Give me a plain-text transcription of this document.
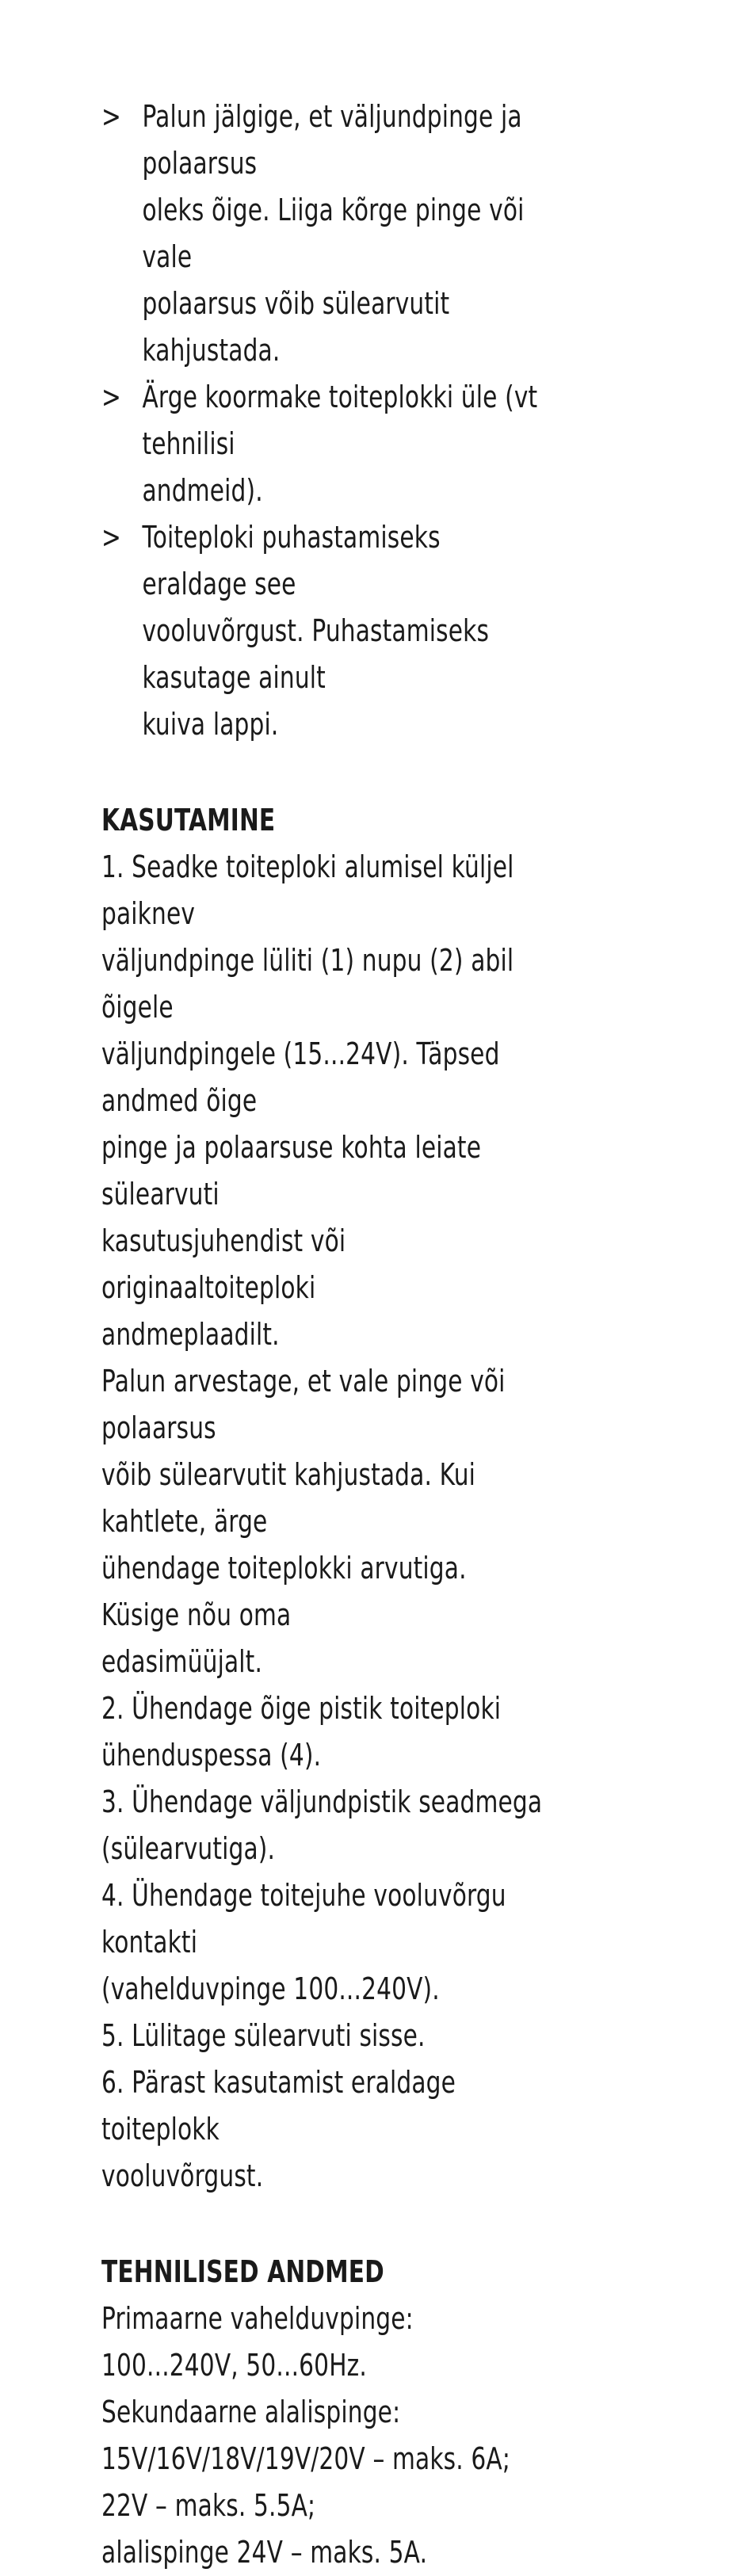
> Palun jälgige, et väljundpinge ja polaarsus
oleks õige. Liiga kõrge pinge või vale
polaarsus võib sülearvutit kahjustada.
> Ärge koormake toiteplokki üle (vt tehnilisi
andmeid).
> Toiteploki puhastamiseks eraldage see
vooluvõrgust. Puhastamiseks kasutage ainult
kuiva lappi.
KASUTAMINE

1. Seadke toiteploki alumisel küljel paiknev
väljundpinge lüliti (1) nupu (2) abil õigele
väljundpingele (15...24V). Täpsed andmed õige
pinge ja polaarsuse kohta leiate sülearvuti
kasutusjuhendist või originaaltoiteploki
andmeplaadilt.

Palun arvestage, et vale pinge või polaarsus
võib sülearvutit kahjustada. Kui kahtlete, ärge
ühendage toiteplokki arvutiga. Küsige nõu oma
edasimüüjalt.

2. Ühendage õige pistik toiteploki ühenduspessa (4).

3. Ühendage väljundpistik seadmega
(sülearvutiga).

4. Ühendage toitejuhe vooluvõrgu kontakti
(vahelduvpinge 100...240V).

5. Lülitage sülearvuti sisse.

6. Pärast kasutamist eraldage toiteplokk
vooluvõrgust.

TEHNILISED ANDMED

Primaarne vahelduvpinge:

100...240V, 50...60Hz.

Sekundaarne alalispinge:

15V/16V/18V/19V/20V – maks. 6A;

22V – maks. 5.5A;

alalispinge 24V – maks. 5A.
